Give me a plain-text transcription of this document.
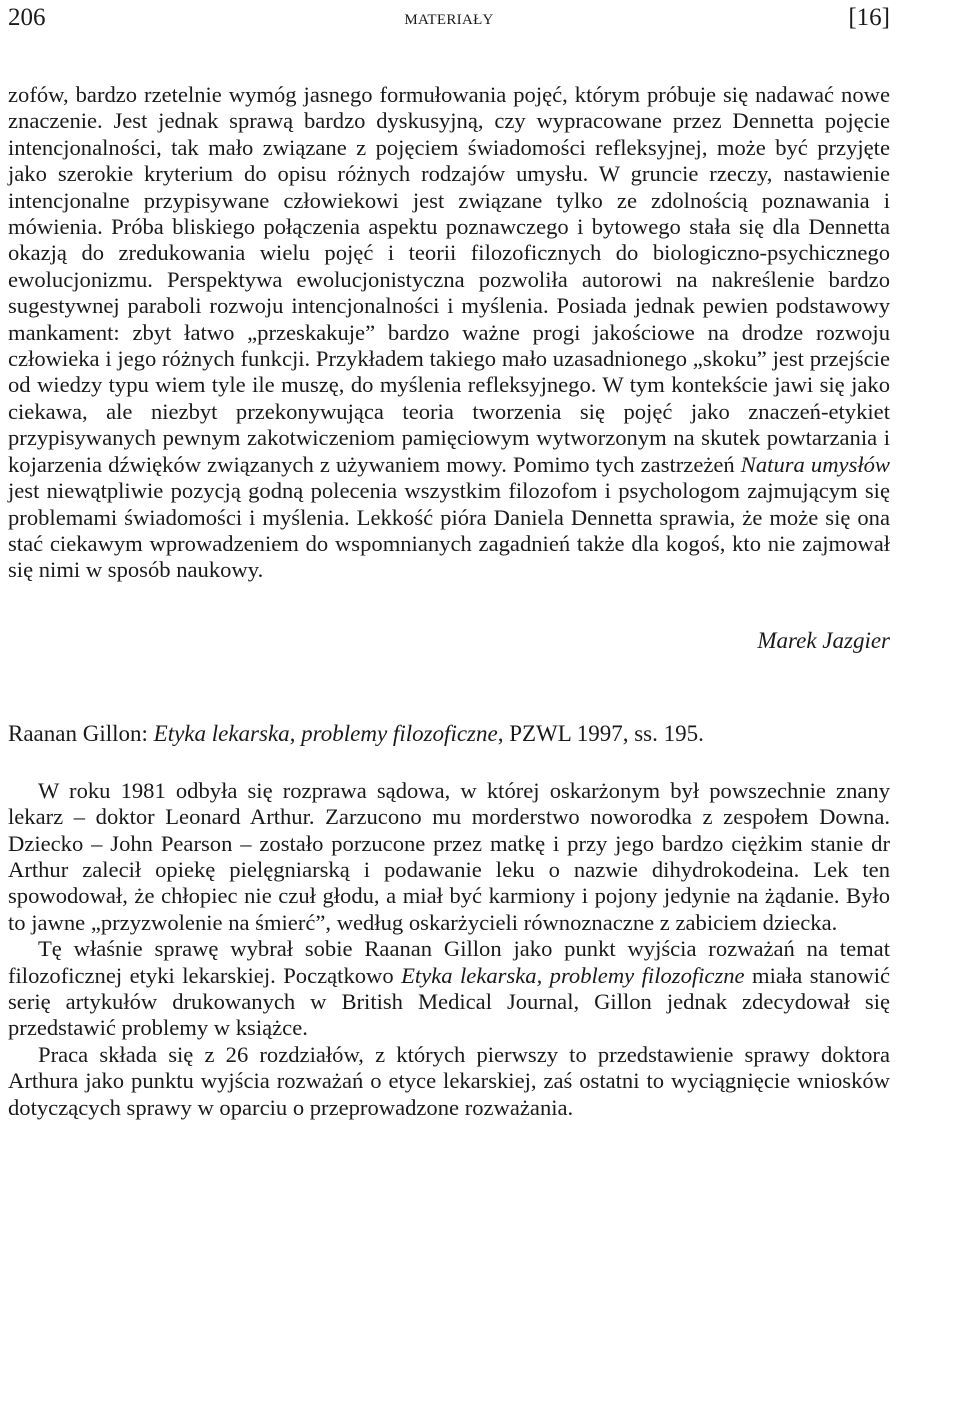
206	MATERIAŁY	[16]

zofów, bardzo rzetelnie wymóg jasnego formułowania pojęć, którym próbuje się nadawać nowe znaczenie. Jest jednak sprawą bardzo dyskusyjną, czy wypracowane przez Dennetta pojęcie intencjonalności, tak mało związane z pojęciem świadomości refleksyjnej, może być przyjęte jako szerokie kryterium do opisu różnych rodzajów umysłu. W gruncie rzeczy, nastawienie intencjonalne przypisywane człowiekowi jest związane tylko ze zdolnością poznawania i mówienia. Próba bliskiego połączenia aspektu poznawczego i bytowego stała się dla Dennetta okazją do zredukowania wielu pojęć i teorii filozoficznych do biologiczno-psychicznego ewolucjonizmu. Perspektywa ewolucjonistyczna pozwoliła autorowi na nakreślenie bardzo sugestywnej paraboli rozwoju intencjonalności i myślenia. Posiada jednak pewien podstawowy mankament: zbyt łatwo „przeskakuje” bardzo ważne progi jakościowe na drodze rozwoju człowieka i jego różnych funkcji. Przykładem takiego mało uzasadnionego „skoku” jest przejście od wiedzy typu wiem tyle ile muszę, do myślenia refleksyjnego. W tym kontekście jawi się jako ciekawa, ale niezbyt przekonywująca teoria tworzenia się pojęć jako znaczeń-etykiet przypisywanych pewnym zakotwiczeniom pamięciowym wytworzonym na skutek powtarzania i kojarzenia dźwięków związanych z używaniem mowy. Pomimo tych zastrzeżeń Natura umysłów jest niewątpliwie pozycją godną polecenia wszystkim filozofom i psychologom zajmującym się problemami świadomości i myślenia. Lekkość pióra Daniela Dennetta sprawia, że może się ona stać ciekawym wprowadzeniem do wspomnianych zagadnień także dla kogoś, kto nie zajmował się nimi w sposób naukowy.

Marek Jazgier
Raanan Gillon: Etyka lekarska, problemy filozoficzne, PZWL 1997, ss. 195.

W roku 1981 odbyła się rozprawa sądowa, w której oskarżonym był powszechnie znany lekarz – doktor Leonard Arthur. Zarzucono mu morderstwo noworodka z zespołem Downa. Dziecko – John Pearson – zostało porzucone przez matkę i przy jego bardzo ciężkim stanie dr Arthur zalecił opiekę pielęgniarską i podawanie leku o nazwie dihydrokodeina. Lek ten spowodował, że chłopiec nie czuł głodu, a miał być karmiony i pojony jedynie na żądanie. Było to jawne „przyzwolenie na śmierć”, według oskarżycieli równoznaczne z zabiciem dziecka.

Tę właśnie sprawę wybrał sobie Raanan Gillon jako punkt wyjścia rozważań na temat filozoficznej etyki lekarskiej. Początkowo Etyka lekarska, problemy filozoficzne miała stanowić serię artykułów drukowanych w British Medical Journal, Gillon jednak zdecydował się przedstawić problemy w książce.

Praca składa się z 26 rozdziałów, z których pierwszy to przedstawienie sprawy doktora Arthura jako punktu wyjścia rozważań o etyce lekarskiej, zaś ostatni to wyciągnięcie wniosków dotyczących sprawy w oparciu o przeprowadzone rozważania.
